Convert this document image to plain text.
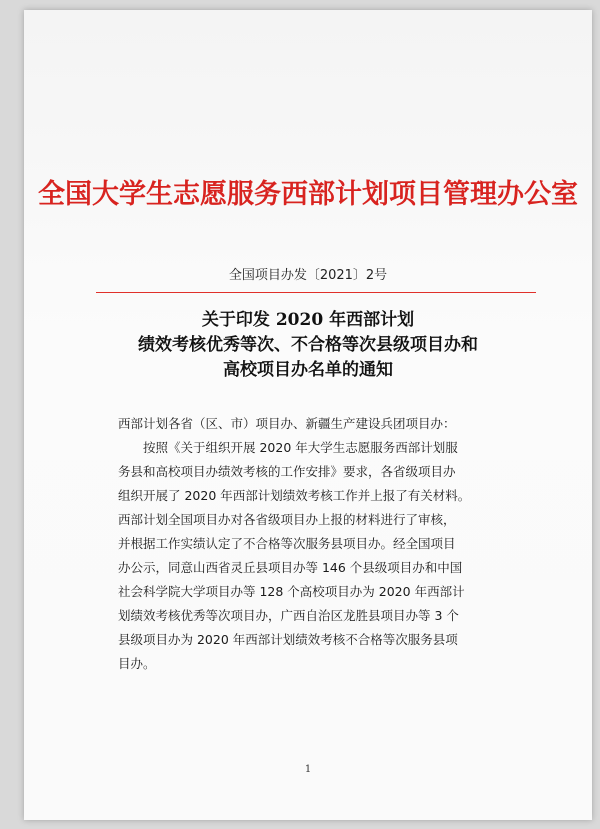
全国大学生志愿服务西部计划项目管理办公室
全国项目办发〔2021〕2号
关于印发 2020 年西部计划
绩效考核优秀等次、不合格等次县级项目办和
高校项目办名单的通知
西部计划各省（区、市）项目办、新疆生产建设兵团项目办：
按照《关于组织开展 2020 年大学生志愿服务西部计划服
务县和高校项目办绩效考核的工作安排》要求，各省级项目办
组织开展了 2020 年西部计划绩效考核工作并上报了有关材料。
西部计划全国项目办对各省级项目办上报的材料进行了审核，
并根据工作实绩认定了不合格等次服务县项目办。经全国项目
办公示，同意山西省灵丘县项目办等 146 个县级项目办和中国
社会科学院大学项目办等 128 个高校项目办为 2020 年西部计
划绩效考核优秀等次项目办，广西自治区龙胜县项目办等 3 个
县级项目办为 2020 年西部计划绩效考核不合格等次服务县项
目办。
1
